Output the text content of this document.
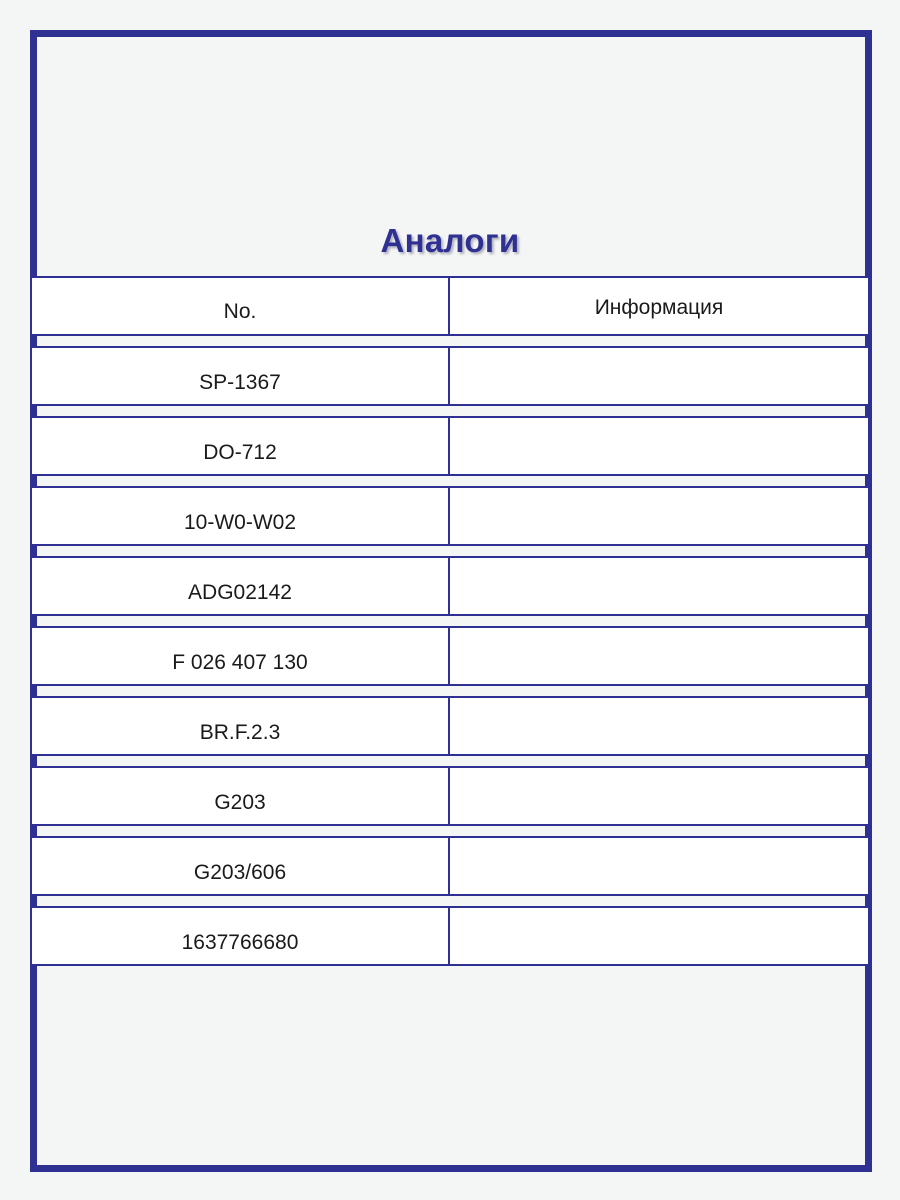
Аналоги
No.	Информация
SP-1367
DO-712
10-W0-W02
ADG02142
F 026 407 130
BR.F.2.3
G203
G203/606
1637766680
